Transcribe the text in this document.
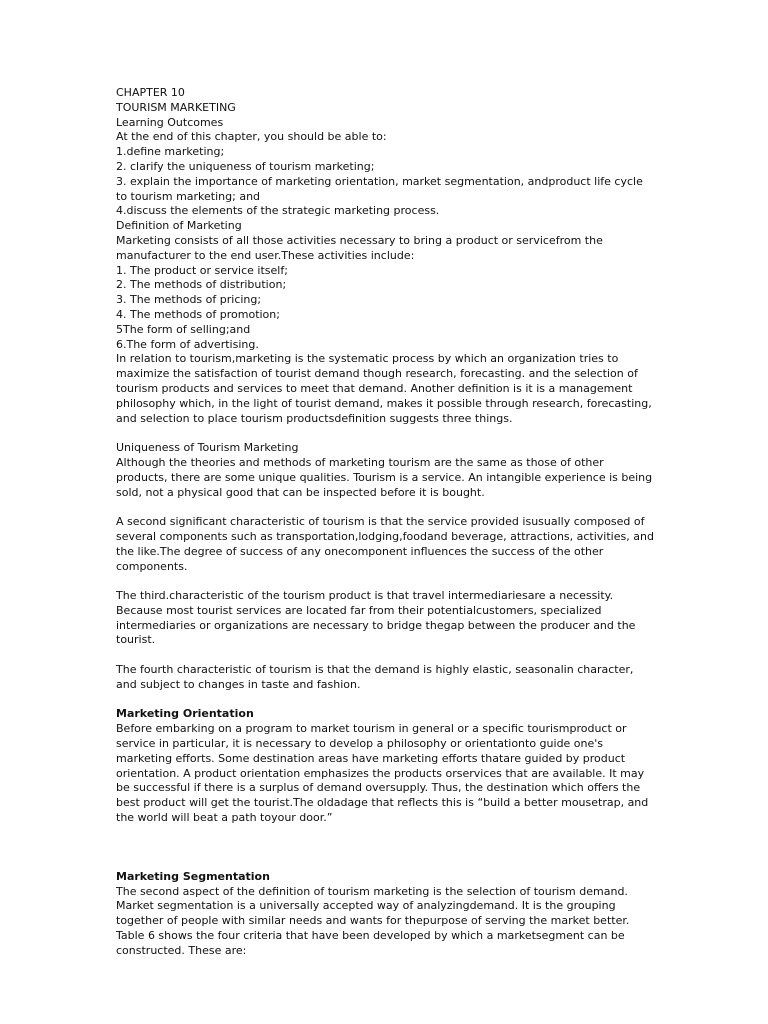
CHAPTER 10

TOURISM MARKETING

Learning Outcomes

At the end of this chapter, you should be able to:

1.define marketing;

2. clarify the uniqueness of tourism marketing;

3. explain the importance of marketing orientation, market segmentation, andproduct life cycle to tourism marketing; and

4.discuss the elements of the strategic marketing process.

Definition of Marketing

Marketing consists of all those activities necessary to bring a product or servicefrom the manufacturer to the end user.These activities include:

1. The product or service itself;

2. The methods of distribution;

3. The methods of pricing;

4. The methods of promotion;

5The form of selling;and

6.The form of advertising.

In relation to tourism,marketing is the systematic process by which an organization tries to maximize the satisfaction of tourist demand though research, forecasting. and the selection of tourism products and services to meet that demand. Another definition is it is a management philosophy which, in the light of tourist demand, makes it possible through research, forecasting, and selection to place tourism productsdefinition suggests three things.

Uniqueness of Tourism Marketing

Although the theories and methods of marketing tourism are the same as those of other products, there are some unique qualities. Tourism is a service. An intangible experience is being sold, not a physical good that can be inspected before it is bought.

A second significant characteristic of tourism is that the service provided isusually composed of several components such as transportation,lodging,foodand beverage, attractions, activities, and the like.The degree of success of any onecomponent influences the success of the other components.

The third.characteristic of the tourism product is that travel intermediariesare a necessity. Because most tourist services are located far from their potentialcustomers, specialized intermediaries or organizations are necessary to bridge thegap between the producer and the tourist.

The fourth characteristic of tourism is that the demand is highly elastic, seasonalin character, and subject to changes in taste and fashion.

Marketing Orientation

Before embarking on a program to market tourism in general or a specific tourismproduct or service in particular, it is necessary to develop a philosophy or orientationto guide one's marketing efforts. Some destination areas have marketing efforts thatare guided by product orientation. A product orientation emphasizes the products orservices that are available. It may be successful if there is a surplus of demand oversupply. Thus, the destination which offers the best product will get the tourist.The oldadage that reflects this is “build a better mousetrap, and the world will beat a path toyour door.”

Marketing Segmentation

The second aspect of the definition of tourism marketing is the selection of tourism demand. Market segmentation is a universally accepted way of analyzingdemand. It is the grouping together of people with similar needs and wants for thepurpose of serving the market better.

Table 6 shows the four criteria that have been developed by which a marketsegment can be constructed. These are:
